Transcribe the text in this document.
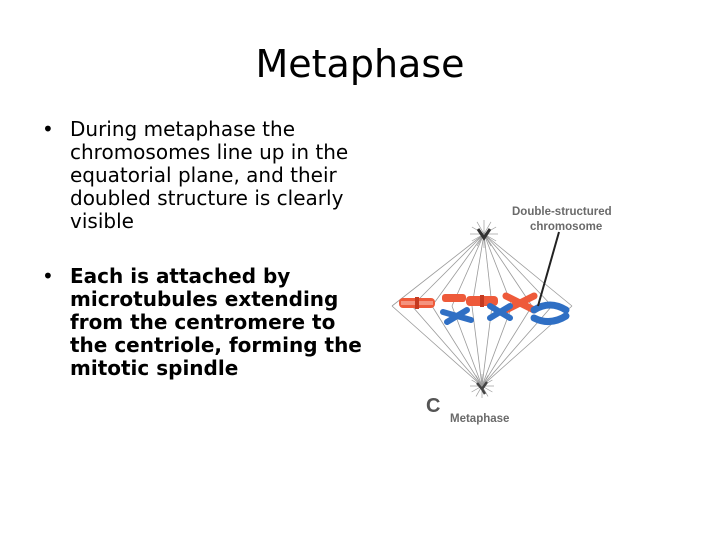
Metaphase
• During metaphase the chromosomes line up in the equatorial plane, and their doubled structure is clearly visible
• Each is attached by microtubules extending from the centromere to the centriole, forming the mitotic spindle
Double-structured
chromosome
C
Metaphase
